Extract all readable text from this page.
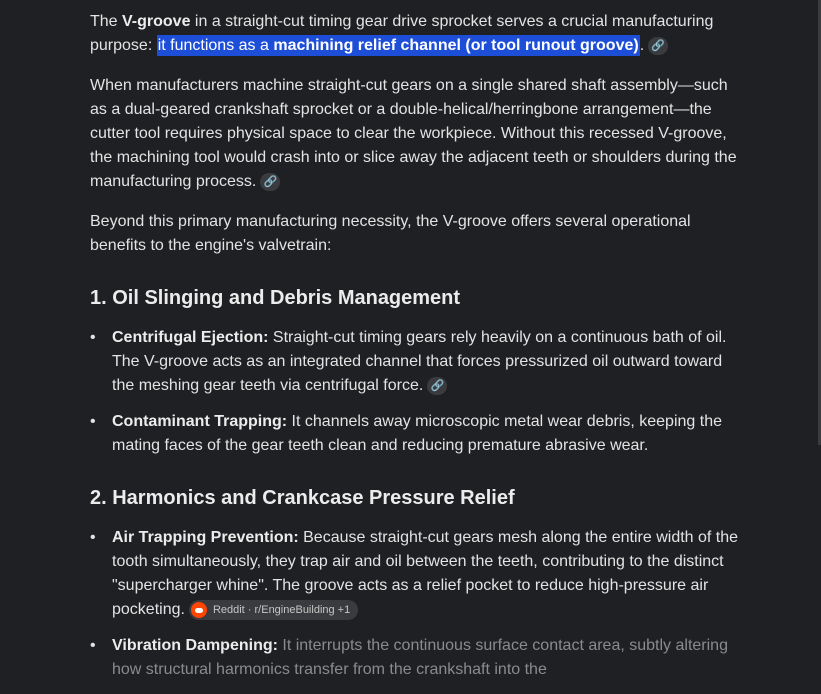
The V-groove in a straight-cut timing gear drive sprocket serves a crucial manufacturing purpose: it functions as a machining relief channel (or tool runout groove). 🔗

When manufacturers machine straight-cut gears on a single shared shaft assembly—such as a dual-geared crankshaft sprocket or a double-helical/herringbone arrangement—the cutter tool requires physical space to clear the workpiece. Without this recessed V-groove, the machining tool would crash into or slice away the adjacent teeth or shoulders during the manufacturing process. 🔗

Beyond this primary manufacturing necessity, the V-groove offers several operational benefits to the engine's valvetrain:

1. Oil Slinging and Debris Management
• Centrifugal Ejection: Straight-cut timing gears rely heavily on a continuous bath of oil. The V-groove acts as an integrated channel that forces pressurized oil outward toward the meshing gear teeth via centrifugal force. 🔗
• Contaminant Trapping: It channels away microscopic metal wear debris, keeping the mating faces of the gear teeth clean and reducing premature abrasive wear.
2. Harmonics and Crankcase Pressure Relief
• Air Trapping Prevention: Because straight-cut gears mesh along the entire width of the tooth simultaneously, they trap air and oil between the teeth, contributing to the distinct "supercharger whine". The groove acts as a relief pocket to reduce high-pressure air pocketing.	Reddit · r/EngineBuilding +1
• Vibration Dampening: It interrupts the continuous surface contact area, subtly altering how structural harmonics transfer from the crankshaft into the
